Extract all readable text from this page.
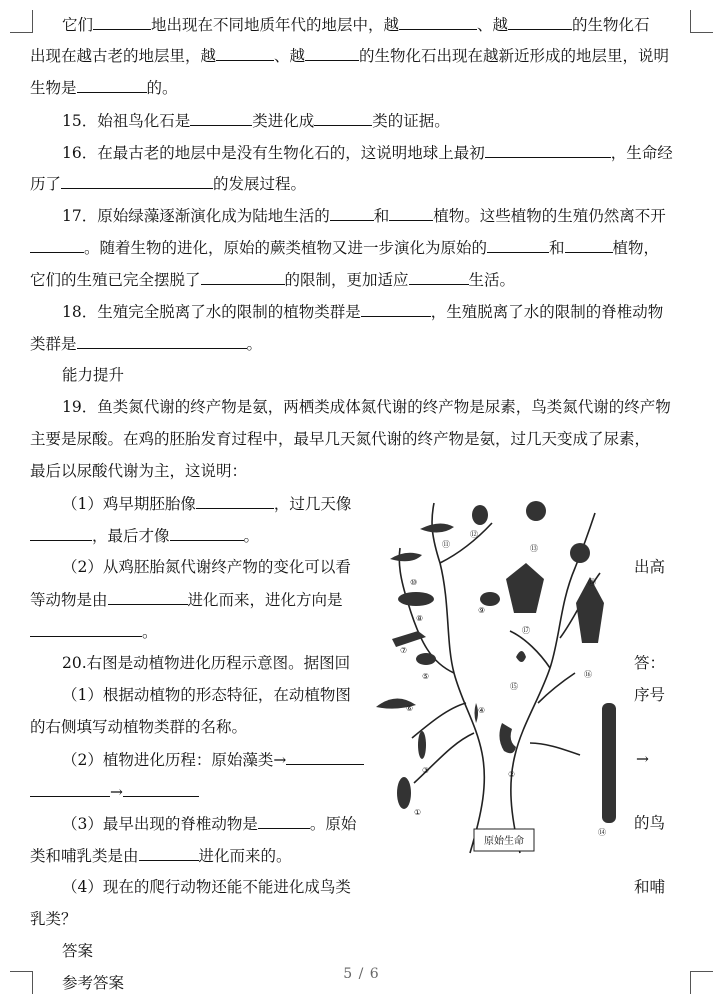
它们	地出现在不同地质年代的地层中，越	、越	的生物化石
出现在越古老的地层里，越	、越	的生物化石出现在越新近形成的地层里，说明
生物是	的。
15．始祖鸟化石是	类进化成	类的证据。
16．在最古老的地层中是没有生物化石的，这说明地球上最初	，生命经
历了	的发展过程。
17．原始绿藻逐渐演化成为陆地生活的	和	植物。这些植物的生殖仍然离不开
。随着生物的进化，原始的蕨类植物又进一步演化为原始的	和	植物，
它们的生殖已完全摆脱了	的限制，更加适应	生活。
18．生殖完全脱离了水的限制的植物类群是	，生殖脱离了水的限制的脊椎动物
类群是	。
能力提升
19．鱼类氮代谢的终产物是氨，两栖类成体氮代谢的终产物是尿素，鸟类氮代谢的终产物
主要是尿酸。在鸡的胚胎发育过程中，最早几天氮代谢的终产物是氨，过几天变成了尿素，
最后以尿酸代谢为主，这说明：
（1）鸡早期胚胎像	，过几天像
，最后才像	。
（2）从鸡胚胎氮代谢终产物的变化可以看
等动物是由	进化而来，进化方向是
。
20.右图是动植物进化历程示意图。据图回
（1）根据动植物的形态特征，在动植物图
的右侧填写动植物类群的名称。
（2）植物进化历程：原始藻类→
→
（3）最早出现的脊椎动物是	。原始
类和哺乳类是由	进化而来的。
（4）现在的爬行动物还能不能进化成鸟类
乳类？
答案
参考答案
出高
答：
序号
→
的鸟
和哺
原始生命
①
②
③
④
⑤
⑥
⑦
⑧
⑨
⑩
⑪
⑫
⑬
⑭
⑮
⑯
⑰
⑱
5 / 6
